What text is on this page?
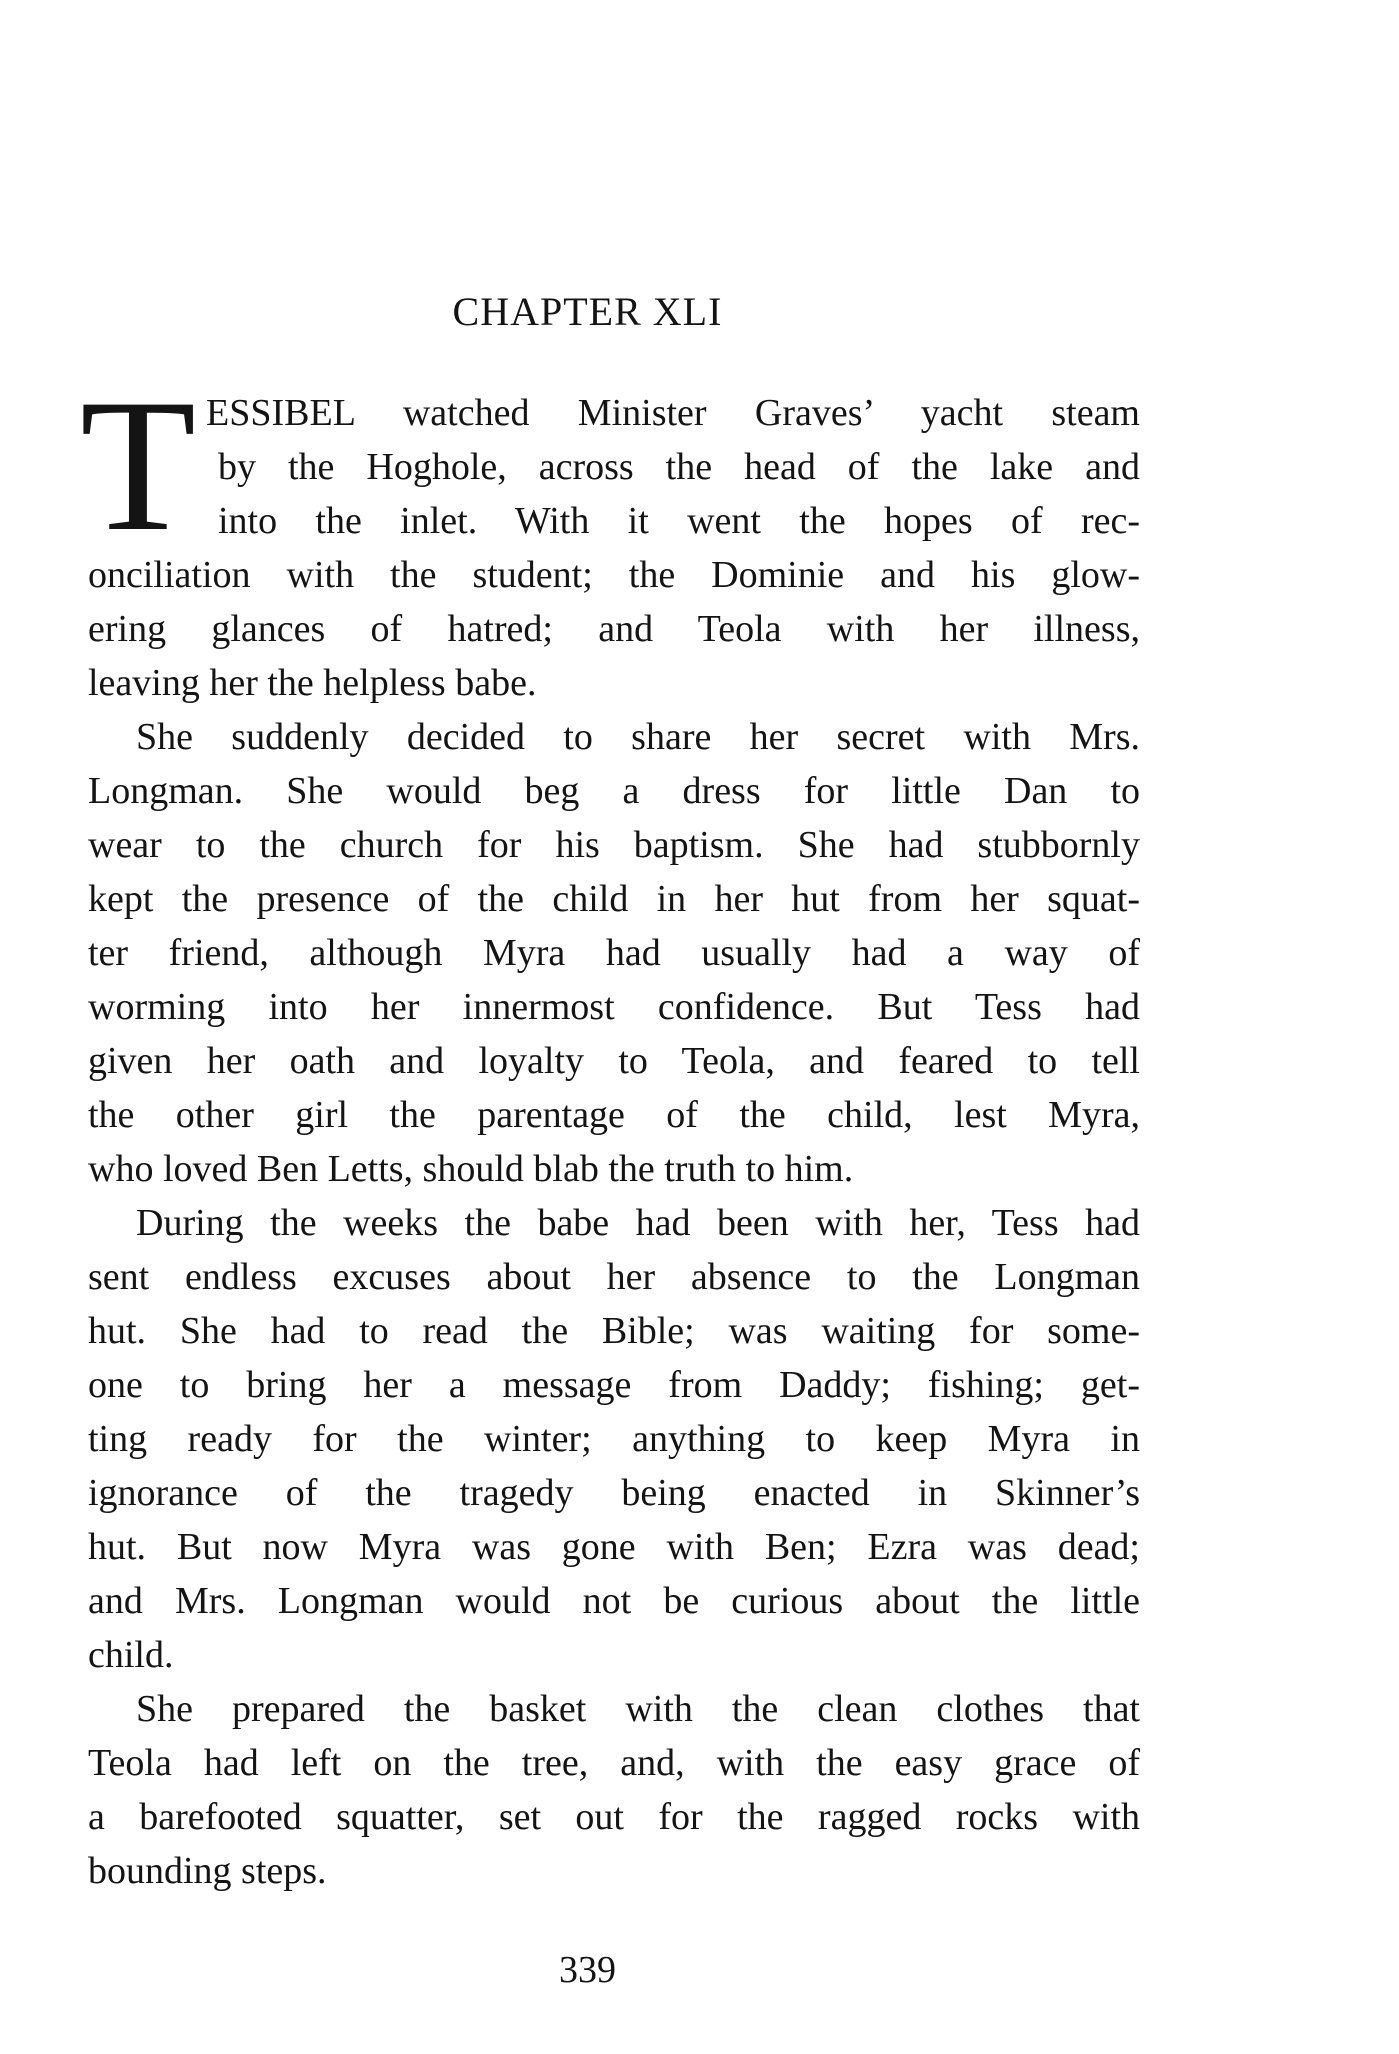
CHAPTER XLI
T ESSIBEL watched Minister Graves’ yacht steam
by the Hoghole, across the head of the lake and
into the inlet. With it went the hopes of rec-
onciliation with the student; the Dominie and his glow-
ering glances of hatred; and Teola with her illness,
leaving her the helpless babe.
She suddenly decided to share her secret with Mrs.
Longman. She would beg a dress for little Dan to
wear to the church for his baptism. She had stubbornly
kept the presence of the child in her hut from her squat-
ter friend, although Myra had usually had a way of
worming into her innermost confidence. But Tess had
given her oath and loyalty to Teola, and feared to tell
the other girl the parentage of the child, lest Myra,
who loved Ben Letts, should blab the truth to him.
During the weeks the babe had been with her, Tess had
sent endless excuses about her absence to the Longman
hut. She had to read the Bible; was waiting for some-
one to bring her a message from Daddy; fishing; get-
ting ready for the winter; anything to keep Myra in
ignorance of the tragedy being enacted in Skinner’s
hut. But now Myra was gone with Ben; Ezra was dead;
and Mrs. Longman would not be curious about the little
child.
She prepared the basket with the clean clothes that
Teola had left on the tree, and, with the easy grace of
a barefooted squatter, set out for the ragged rocks with
bounding steps.
339
